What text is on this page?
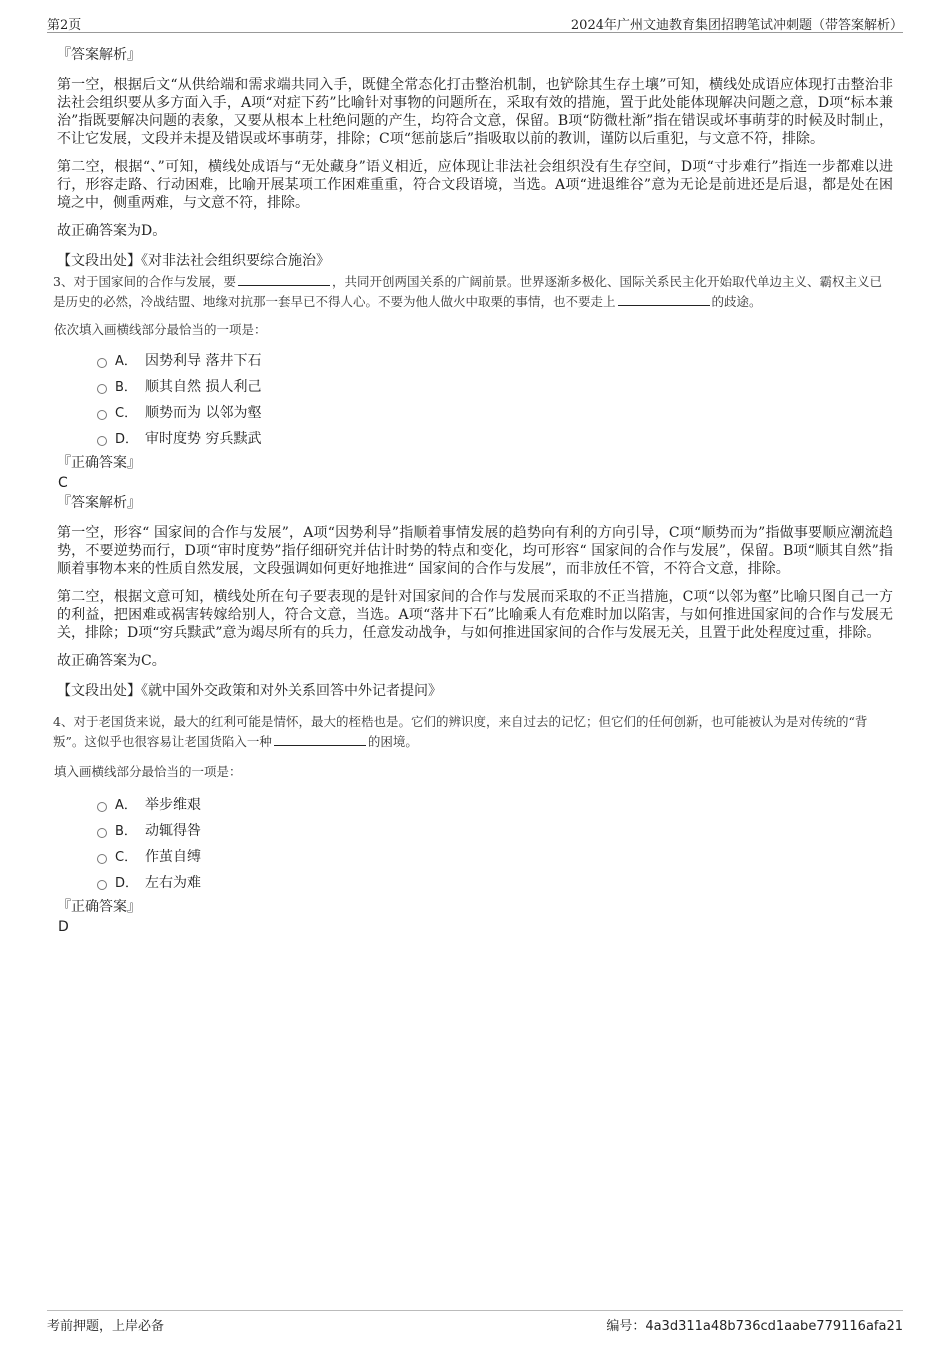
第2页	2024年广州文迪教育集团招聘笔试冲刺题（带答案解析）

『答案解析』

第一空，根据后文“从供给端和需求端共同入手，既健全常态化打击整治机制，也铲除其生存土壤”可知，横线处成语应体现打击整治非法社会组织要从多方面入手，A项“对症下药”比喻针对事物的问题所在，采取有效的措施，置于此处能体现解决问题之意，D项“标本兼治”指既要解决问题的表象，又要从根本上杜绝问题的产生，均符合文意，保留。B项“防微杜渐”指在错误或坏事萌芽的时候及时制止，不让它发展，文段并未提及错误或坏事萌芽，排除；C项“惩前毖后”指吸取以前的教训，谨防以后重犯，与文意不符，排除。

第二空，根据“、”可知，横线处成语与“无处藏身”语义相近，应体现让非法社会组织没有生存空间，D项“寸步难行”指连一步都难以进行，形容走路、行动困难，比喻开展某项工作困难重重，符合文段语境，当选。A项“进退维谷”意为无论是前进还是后退，都是处在困境之中，侧重两难，与文意不符，排除。

故正确答案为D。

【文段出处】《对非法社会组织要综合施治》

3、对于国家间的合作与发展，要	，共同开创两国关系的广阔前景。世界逐渐多极化、国际关系民主化开始取代单边主义、霸权主义已是历史的必然，冷战结盟、地缘对抗那一套早已不得人心。不要为他人做火中取栗的事情，也不要走上	的歧途。

依次填入画横线部分最恰当的一项是：

A． 因势利导 落井下石
B． 顺其自然 损人利己
C． 顺势而为 以邻为壑
D． 审时度势 穷兵黩武

『正确答案』

C

『答案解析』

第一空，形容“ 国家间的合作与发展”，A项“因势利导”指顺着事情发展的趋势向有利的方向引导，C项“顺势而为”指做事要顺应潮流趋势，不要逆势而行，D项“审时度势”指仔细研究并估计时势的特点和变化，均可形容“ 国家间的合作与发展”，保留。B项“顺其自然”指顺着事物本来的性质自然发展，文段强调如何更好地推进“ 国家间的合作与发展”，而非放任不管，不符合文意，排除。

第二空，根据文意可知，横线处所在句子要表现的是针对国家间的合作与发展而采取的不正当措施，C项“以邻为壑”比喻只图自己一方的利益，把困难或祸害转嫁给别人，符合文意，当选。A项“落井下石”比喻乘人有危难时加以陷害，与如何推进国家间的合作与发展无关，排除；D项“穷兵黩武”意为竭尽所有的兵力，任意发动战争，与如何推进国家间的合作与发展无关，且置于此处程度过重，排除。

故正确答案为C。

【文段出处】《就中国外交政策和对外关系回答中外记者提问》

4、对于老国货来说，最大的红利可能是情怀，最大的桎梏也是。它们的辨识度，来自过去的记忆；但它们的任何创新，也可能被认为是对传统的“背叛”。这似乎也很容易让老国货陷入一种	的困境。

填入画横线部分最恰当的一项是：

A． 举步维艰
B． 动辄得咎
C． 作茧自缚
D． 左右为难

『正确答案』

D

考前押题，上岸必备	编号：4a3d311a48b736cd1aabe779116afa21
